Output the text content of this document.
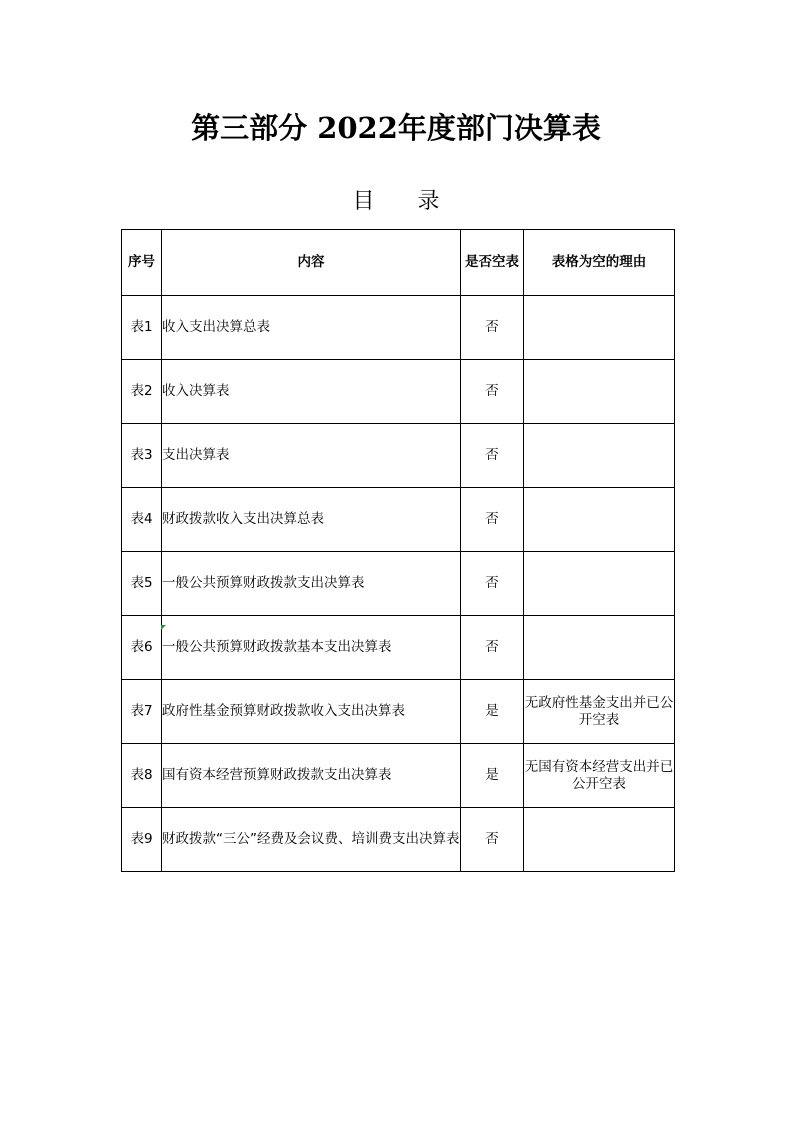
第三部分 2022年度部门决算表
目 录
序号	内容	是否空表	表格为空的理由
表1	收入支出决算总表	否	
表2	收入决算表	否	
表3	支出决算表	否	
表4	财政拨款收入支出决算总表	否	
表5	一般公共预算财政拨款支出决算表	否	
表6	一般公共预算财政拨款基本支出决算表	否	
表7	政府性基金预算财政拨款收入支出决算表	是	无政府性基金支出并已公开空表
表8	国有资本经营预算财政拨款支出决算表	是	无国有资本经营支出并已公开空表
表9	财政拨款“三公”经费及会议费、培训费支出决算表	否	
